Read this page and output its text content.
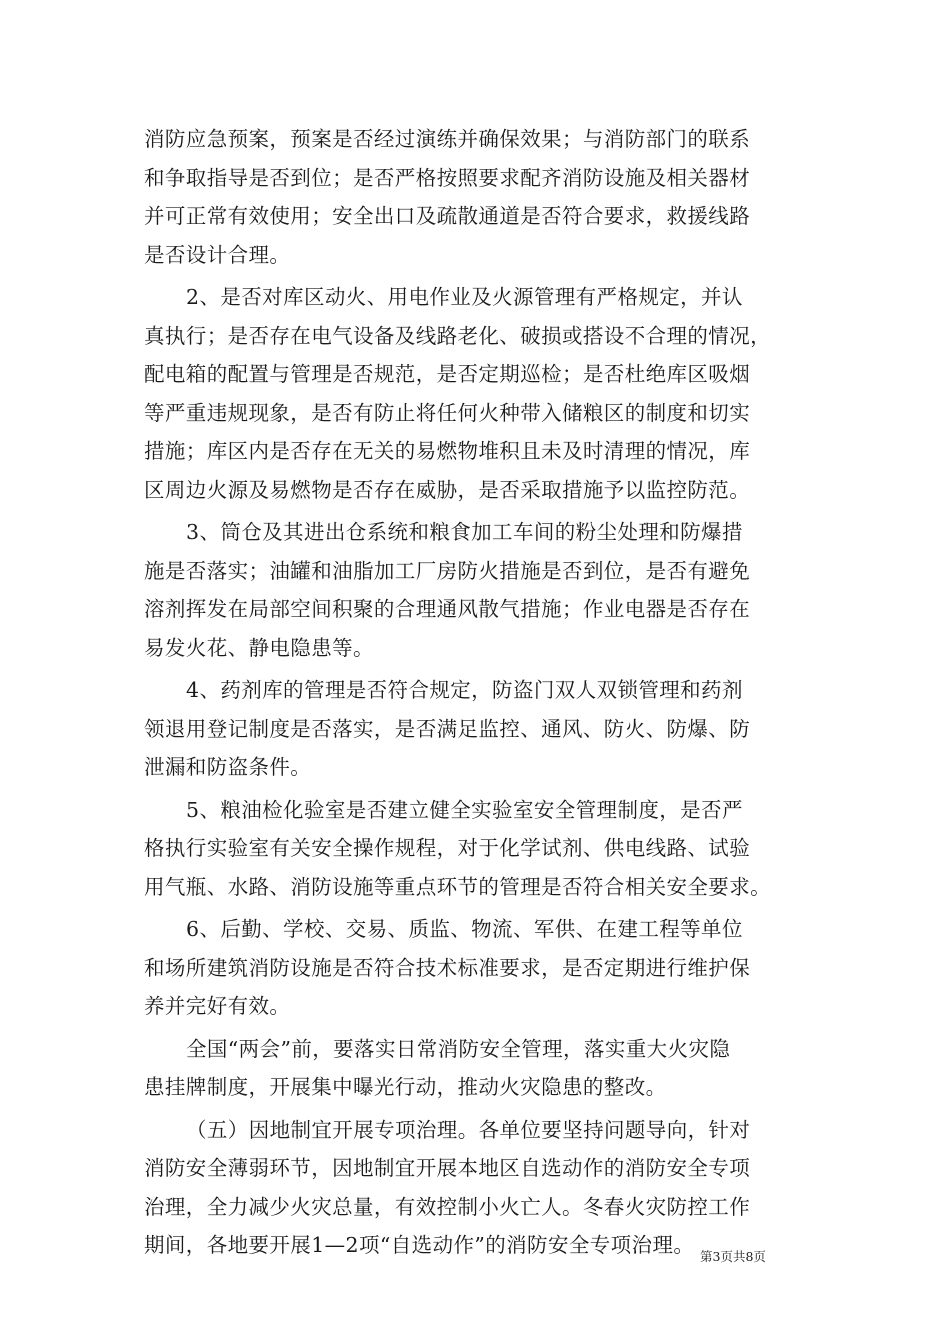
消防应急预案，预案是否经过演练并确保效果；与消防部门的联系
和争取指导是否到位；是否严格按照要求配齐消防设施及相关器材
并可正常有效使用；安全出口及疏散通道是否符合要求，救援线路
是否设计合理。

2、是否对库区动火、用电作业及火源管理有严格规定，并认
真执行；是否存在电气设备及线路老化、破损或搭设不合理的情况，
配电箱的配置与管理是否规范，是否定期巡检；是否杜绝库区吸烟
等严重违规现象，是否有防止将任何火种带入储粮区的制度和切实
措施；库区内是否存在无关的易燃物堆积且未及时清理的情况，库
区周边火源及易燃物是否存在威胁，是否采取措施予以监控防范。

3、筒仓及其进出仓系统和粮食加工车间的粉尘处理和防爆措
施是否落实；油罐和油脂加工厂房防火措施是否到位，是否有避免
溶剂挥发在局部空间积聚的合理通风散气措施；作业电器是否存在
易发火花、静电隐患等。

4、药剂库的管理是否符合规定，防盗门双人双锁管理和药剂
领退用登记制度是否落实，是否满足监控、通风、防火、防爆、防
泄漏和防盗条件。

5、粮油检化验室是否建立健全实验室安全管理制度，是否严
格执行实验室有关安全操作规程，对于化学试剂、供电线路、试验
用气瓶、水路、消防设施等重点环节的管理是否符合相关安全要求。

6、后勤、学校、交易、质监、物流、军供、在建工程等单位
和场所建筑消防设施是否符合技术标准要求，是否定期进行维护保
养并完好有效。

全国“两会”前，要落实日常消防安全管理，落实重大火灾隐
患挂牌制度，开展集中曝光行动，推动火灾隐患的整改。

（五）因地制宜开展专项治理。各单位要坚持问题导向，针对
消防安全薄弱环节，因地制宜开展本地区自选动作的消防安全专项
治理，全力减少火灾总量，有效控制小火亡人。冬春火灾防控工作
期间，各地要开展1—2项“自选动作”的消防安全专项治理。 第3页共8页
